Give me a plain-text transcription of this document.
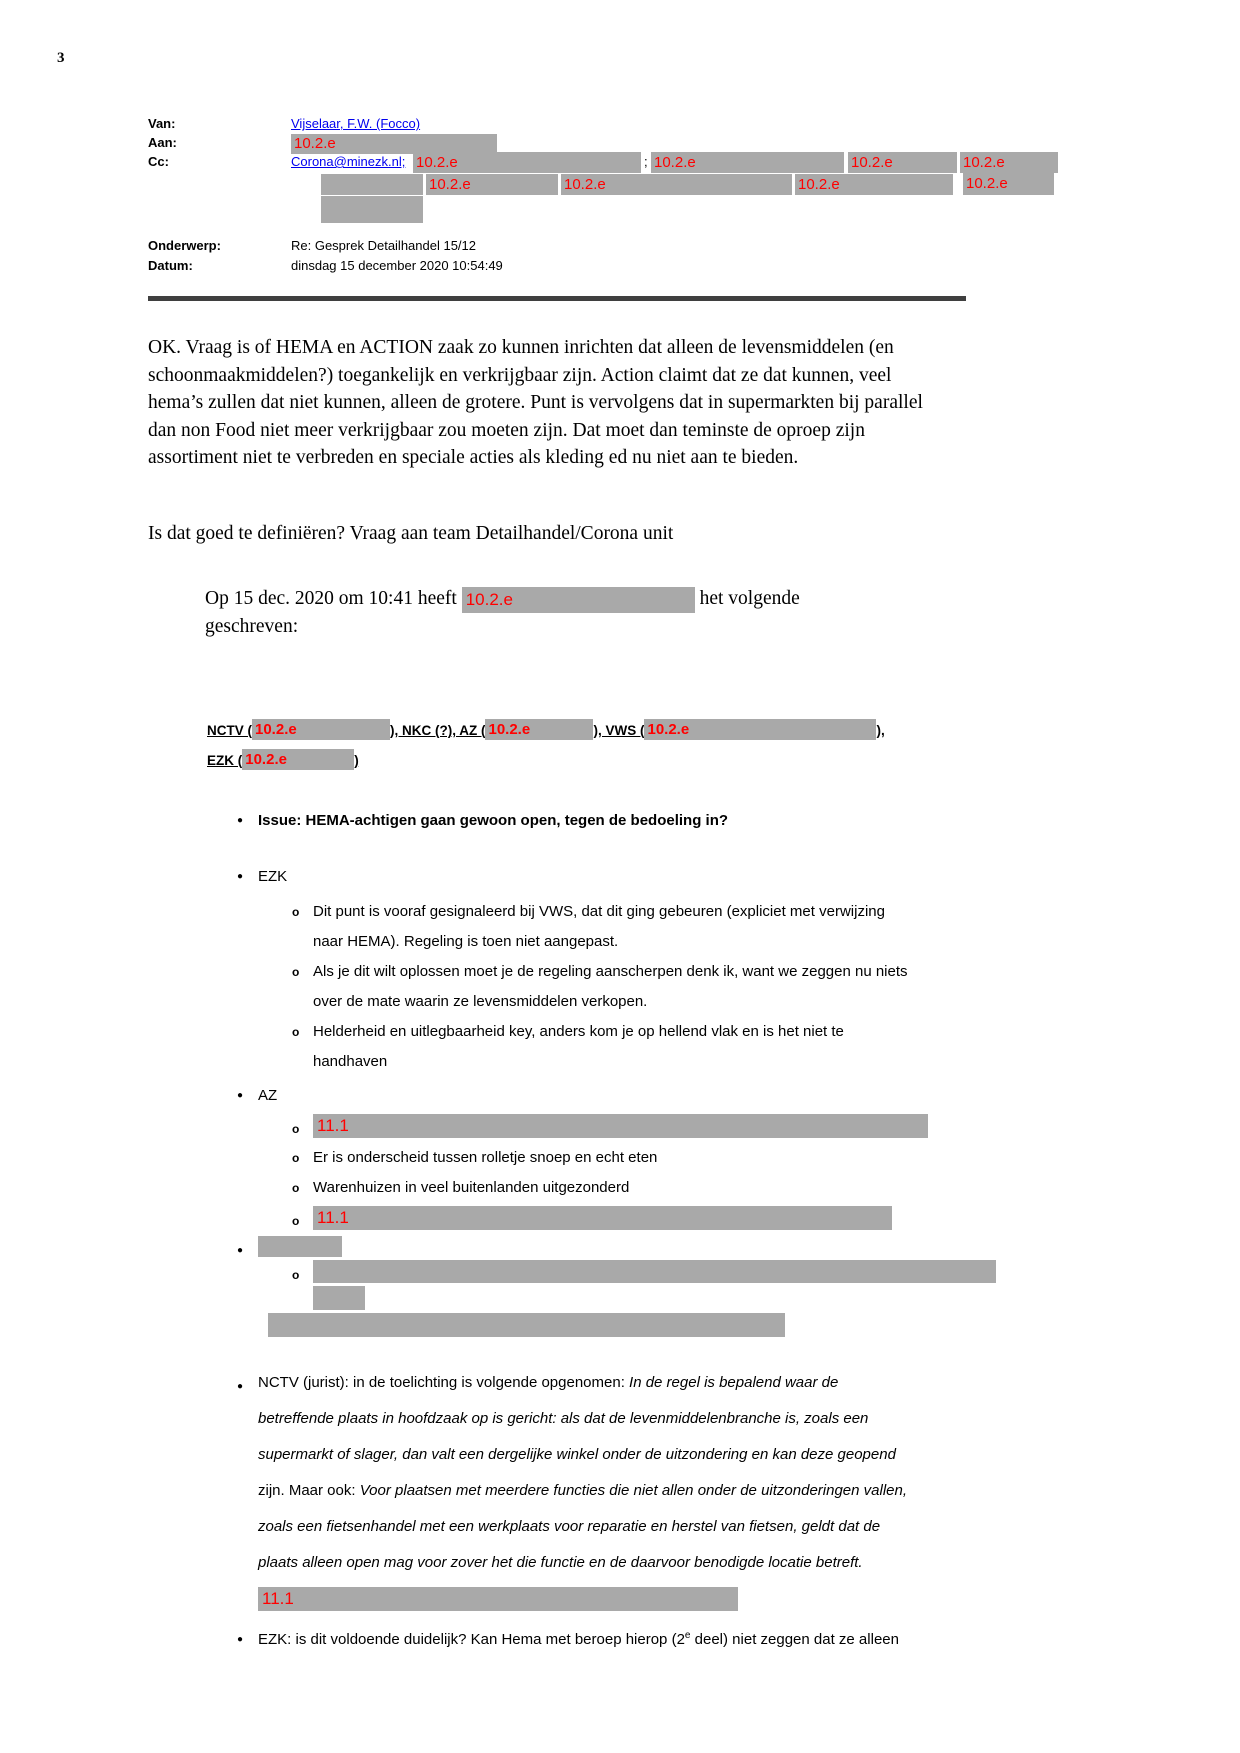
3
Van:	Vijselaar, F.W. (Focco)
Aan:	10.2.e
Cc:	Corona@minezk.nl; 10.2.e	; 10.2.e	10.2.e	10.2.e
10.2.e	10.2.e	10.2.e	10.2.e
Onderwerp:	Re: Gesprek Detailhandel 15/12
Datum:	dinsdag 15 december 2020 10:54:49
OK. Vraag is of HEMA en ACTION zaak zo kunnen inrichten dat alleen de levensmiddelen (en schoonmaakmiddelen?) toegankelijk en verkrijgbaar zijn. Action claimt dat ze dat kunnen, veel hema’s zullen dat niet kunnen, alleen de grotere. Punt is vervolgens dat in supermarkten bij parallel dan non Food niet meer verkrijgbaar zou moeten zijn. Dat moet dan teminste de oproep zijn assortiment niet te verbreden en speciale acties als kleding ed nu niet aan te bieden.
Is dat goed te definiëren? Vraag aan team Detailhandel/Corona unit
Op 15 dec. 2020 om 10:41 heeft 10.2.e	het volgende
geschreven:
NCTV ( 10.2.e	), NKC (?), AZ ( 10.2.e	), VWS ( 10.2.e	),
EZK ( 10.2.e	)
● Issue: HEMA-achtigen gaan gewoon open, tegen de bedoeling in?
● EZK
o Dit punt is vooraf gesignaleerd bij VWS, dat dit ging gebeuren (expliciet met verwijzing naar HEMA). Regeling is toen niet aangepast.
o Als je dit wilt oplossen moet je de regeling aanscherpen denk ik, want we zeggen nu niets over de mate waarin ze levensmiddelen verkopen.
o Helderheid en uitlegbaarheid key, anders kom je op hellend vlak en is het niet te handhaven
● AZ
o 11.1
o Er is onderscheid tussen rolletje snoep en echt eten
o Warenhuizen in veel buitenlanden uitgezonderd
o 11.1
●
o
● NCTV (jurist): in de toelichting is volgende opgenomen: In de regel is bepalend waar de betreffende plaats in hoofdzaak op is gericht: als dat de levenmiddelenbranche is, zoals een supermarkt of slager, dan valt een dergelijke winkel onder de uitzondering en kan deze geopend zijn. Maar ook: Voor plaatsen met meerdere functies die niet allen onder de uitzonderingen vallen, zoals een fietsenhandel met een werkplaats voor reparatie en herstel van fietsen, geldt dat de plaats alleen open mag voor zover het die functie en de daarvoor benodigde locatie betreft.11.1
● EZK: is dit voldoende duidelijk? Kan Hema met beroep hierop (2e deel) niet zeggen dat ze alleen
